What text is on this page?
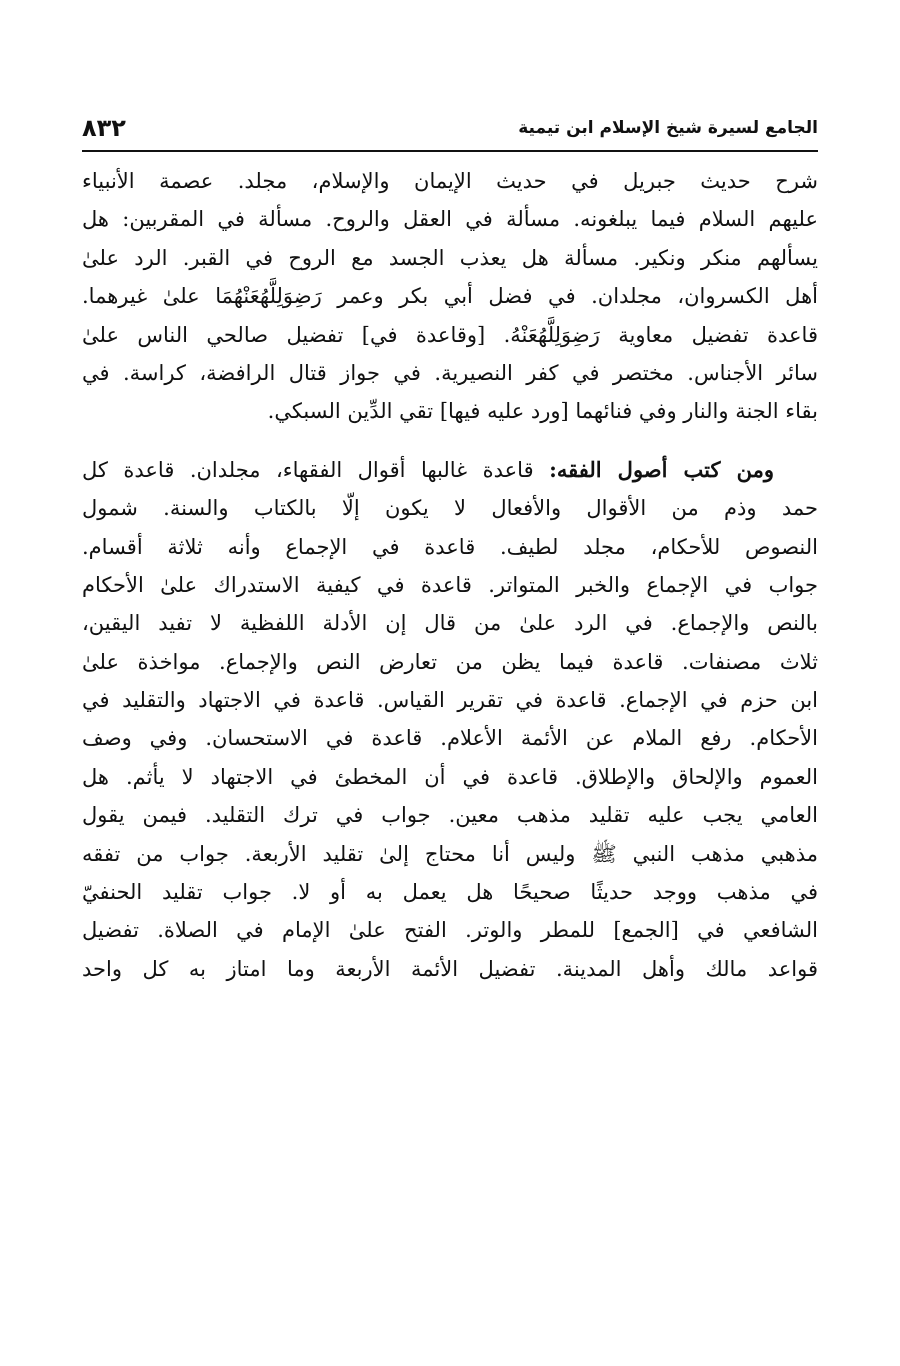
٨٣٢	الجامع لسيرة شيخ الإسلام ابن تيمية
شرح حديث جبريل في حديث الإيمان والإسلام، مجلد. عصمة الأنبياء
عليهم السلام فيما يبلغونه. مسألة في العقل والروح. مسألة في المقربين: هل
يسألهم منكر ونكير. مسألة هل يعذب الجسد مع الروح في القبر. الرد علىٰ
أهل الكسروان، مجلدان. في فضل أبي بكر وعمر رَضِوَلِلَّهُعَنْهُمَا علىٰ غيرهما.
قاعدة تفضيل معاوية رَضِوَلِلَّهُعَنْهُ. [وقاعدة في] تفضيل صالحي الناس علىٰ
سائر الأجناس. مختصر في كفر النصيرية. في جواز قتال الرافضة، كراسة. في
بقاء الجنة والنار وفي فنائهما [ورد عليه فيها] تقي الدِّين السبكي.
ومن كتب أصول الفقه: قاعدة غالبها أقوال الفقهاء، مجلدان. قاعدة كل
حمد وذم من الأقوال والأفعال لا يكون إلّا بالكتاب والسنة. شمول
النصوص للأحكام، مجلد لطيف. قاعدة في الإجماع وأنه ثلاثة أقسام.
جواب في الإجماع والخبر المتواتر. قاعدة في كيفية الاستدراك علىٰ الأحكام
بالنص والإجماع. في الرد علىٰ من قال إن الأدلة اللفظية لا تفيد اليقين،
ثلاث مصنفات. قاعدة فيما يظن من تعارض النص والإجماع. مواخذة علىٰ
ابن حزم في الإجماع. قاعدة في تقرير القياس. قاعدة في الاجتهاد والتقليد في
الأحكام. رفع الملام عن الأئمة الأعلام. قاعدة في الاستحسان. وفي وصف
العموم والإلحاق والإطلاق. قاعدة في أن المخطئ في الاجتهاد لا يأثم. هل
العامي يجب عليه تقليد مذهب معين. جواب في ترك التقليد. فيمن يقول
مذهبي مذهب النبي ﷺ وليس أنا محتاج إلىٰ تقليد الأربعة. جواب من تفقه
في مذهب ووجد حديثًا صحيحًا هل يعمل به أو لا. جواب تقليد الحنفيّ
الشافعي في [الجمع] للمطر والوتر. الفتح علىٰ الإمام في الصلاة. تفضيل
قواعد مالك وأهل المدينة. تفضيل الأئمة الأربعة وما امتاز به كل واحد
